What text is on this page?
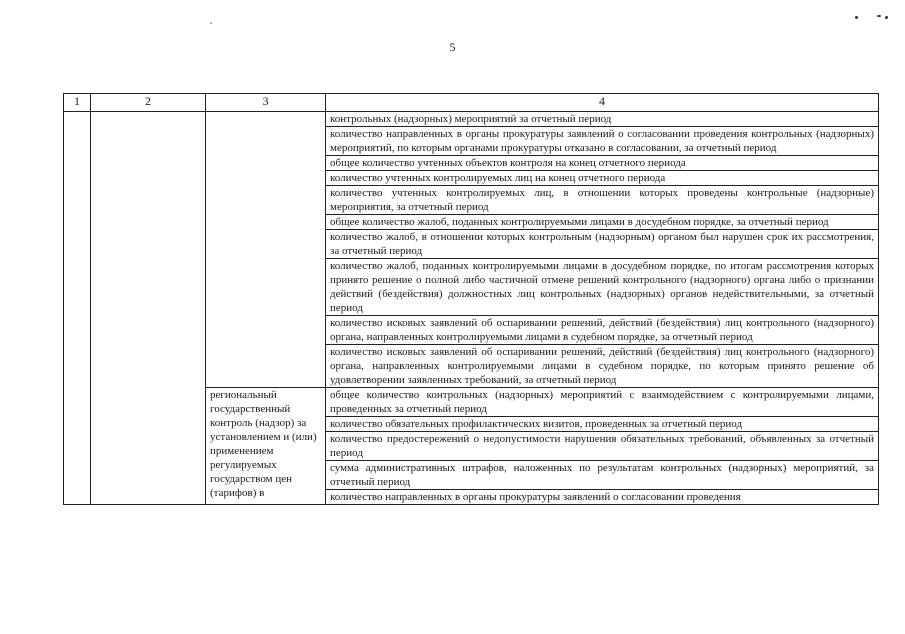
5
1	2	3	4
			контрольных (надзорных) мероприятий за отчетный период
			количество направленных в органы прокуратуры заявлений о согласовании проведения контрольных (надзорных) мероприятий, по которым органами прокуратуры отказано в согласовании, за отчетный период
			общее количество учтенных объектов контроля на конец отчетного периода
			количество учтенных контролируемых лиц на конец отчетного периода
			количество учтенных контролируемых лиц, в отношении которых проведены контрольные (надзорные) мероприятия, за отчетный период
			общее количество жалоб, поданных контролируемыми лицами в досудебном порядке, за отчетный период
			количество жалоб, в отношении которых контрольным (надзорным) органом был нарушен срок их рассмотрения, за отчетный период
			количество жалоб, поданных контролируемыми лицами в досудебном порядке, по итогам рассмотрения которых принято решение о полной либо частичной отмене решений контрольного (надзорного) органа либо о признании действий (бездействия) должностных лиц контрольных (надзорных) органов недействительными, за отчетный период
			количество исковых заявлений об оспаривании решений, действий (бездействия) лиц контрольного (надзорного) органа, направленных контролируемыми лицами в судебном порядке, за отчетный период
			количество исковых заявлений об оспаривании решений, действий (бездействия) лиц контрольного (надзорного) органа, направленных контролируемыми лицами в судебном порядке, по которым принято решение об удовлетворении заявленных требований, за отчетный период
		региональный государственный контроль (надзор) за установлением и (или) применением регулируемых государством цен (тарифов) в	общее количество контрольных (надзорных) мероприятий с взаимодействием с контролируемыми лицами, проведенных за отчетный период
			количество обязательных профилактических визитов, проведенных за отчетный период
			количество предостережений о недопустимости нарушения обязательных требований, объявленных за отчетный период
			сумма административных штрафов, наложенных по результатам контрольных (надзорных) мероприятий, за отчетный период
			количество направленных в органы прокуратуры заявлений о согласовании проведения
